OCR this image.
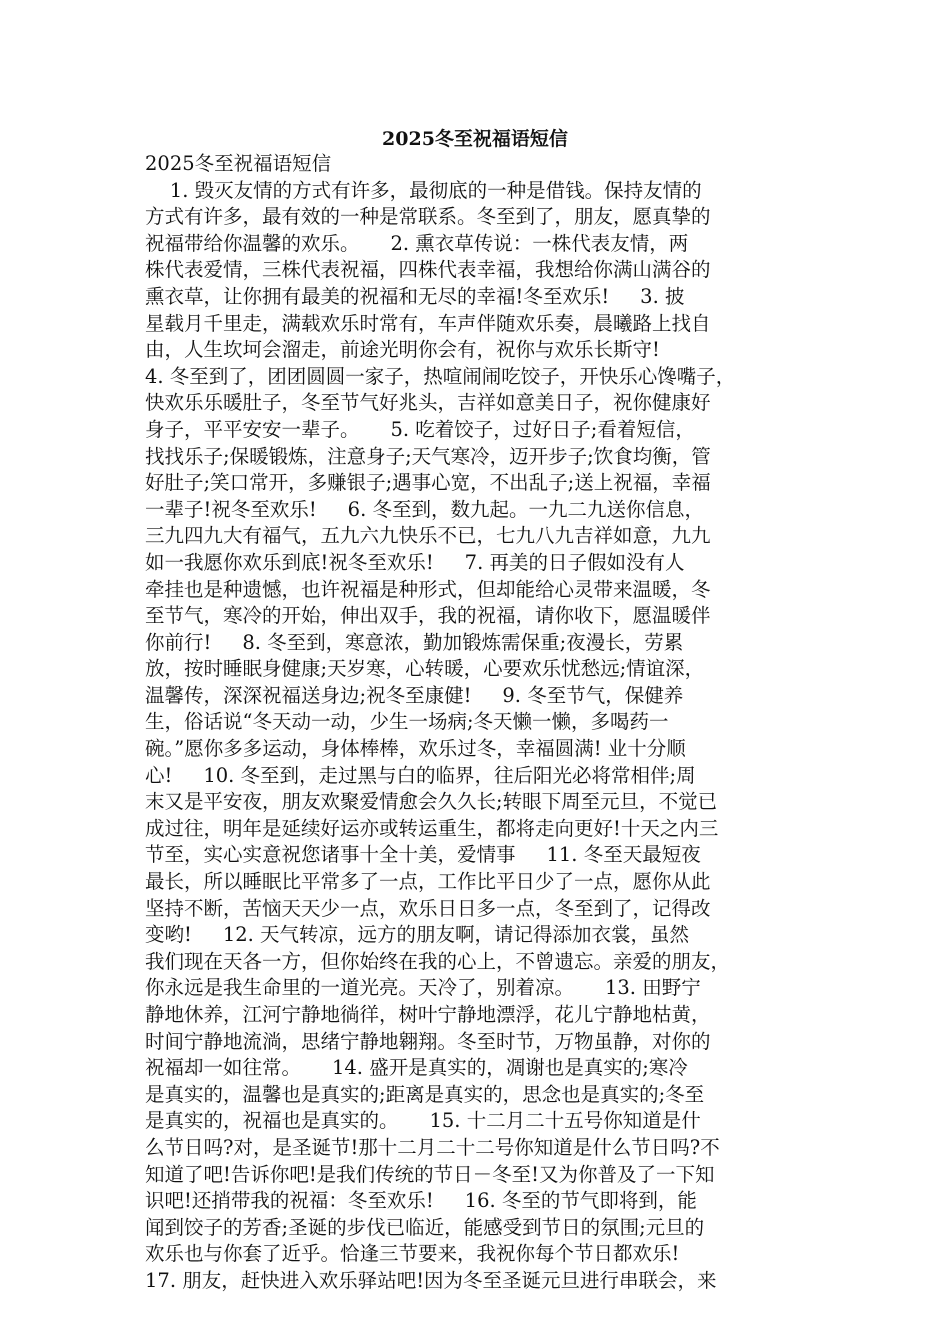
2025冬至祝福语短信
2025冬至祝福语短信
1. 毁灭友情的方式有许多，最彻底的一种是借钱。保持友情的
方式有许多，最有效的一种是常联系。冬至到了，朋友，愿真挚的
祝福带给你温馨的欢乐。     2. 熏衣草传说：一株代表友情，两
株代表爱情，三株代表祝福，四株代表幸福，我想给你满山满谷的
熏衣草，让你拥有最美的祝福和无尽的幸福!冬至欢乐!     3. 披
星载月千里走，满载欢乐时常有，车声伴随欢乐奏，晨曦路上找自
由，人生坎坷会溜走，前途光明你会有，祝你与欢乐长斯守!
4. 冬至到了，团团圆圆一家子，热喧闹闹吃饺子，开快乐心馋嘴子，
快欢乐乐暖肚子，冬至节气好兆头，吉祥如意美日子，祝你健康好
身子，平平安安一辈子。     5. 吃着饺子，过好日子;看着短信，
找找乐子;保暖锻炼，注意身子;天气寒冷，迈开步子;饮食均衡，管
好肚子;笑口常开，多赚银子;遇事心宽，不出乱子;送上祝福，幸福
一辈子!祝冬至欢乐!     6. 冬至到，数九起。一九二九送你信息，
三九四九大有福气，五九六九快乐不已，七九八九吉祥如意，九九
如一我愿你欢乐到底!祝冬至欢乐!     7. 再美的日子假如没有人
牵挂也是种遗憾，也许祝福是种形式，但却能给心灵带来温暖，冬
至节气，寒冷的开始，伸出双手，我的祝福，请你收下，愿温暖伴
你前行!     8. 冬至到，寒意浓，勤加锻炼需保重;夜漫长，劳累
放，按时睡眠身健康;天岁寒，心转暖，心要欢乐忧愁远;情谊深，
温馨传，深深祝福送身边;祝冬至康健!     9. 冬至节气，保健养
生，俗话说“冬天动一动，少生一场病;冬天懒一懒，多喝药一
碗。”愿你多多运动，身体棒棒，欢乐过冬，幸福圆满! 业十分顺
心!     10. 冬至到，走过黑与白的临界，往后阳光必将常相伴;周
末又是平安夜，朋友欢聚爱情愈会久久长;转眼下周至元旦，不觉已
成过往，明年是延续好运亦或转运重生，都将走向更好!十天之内三
节至，实心实意祝您诸事十全十美，爱情事     11. 冬至天最短夜
最长，所以睡眠比平常多了一点，工作比平日少了一点，愿你从此
坚持不断，苦恼天天少一点，欢乐日日多一点，冬至到了，记得改
变哟!     12. 天气转凉，远方的朋友啊，请记得添加衣裳，虽然
我们现在天各一方，但你始终在我的心上，不曾遗忘。亲爱的朋友，
你永远是我生命里的一道光亮。天冷了，别着凉。     13. 田野宁
静地休养，江河宁静地徜徉，树叶宁静地漂浮，花儿宁静地枯黄，
时间宁静地流淌，思绪宁静地翱翔。冬至时节，万物虽静，对你的
祝福却一如往常。     14. 盛开是真实的，凋谢也是真实的;寒冷
是真实的，温馨也是真实的;距离是真实的，思念也是真实的;冬至
是真实的，祝福也是真实的。     15. 十二月二十五号你知道是什
么节日吗?对，是圣诞节!那十二月二十二号你知道是什么节日吗?不
知道了吧!告诉你吧!是我们传统的节日－冬至!又为你普及了一下知
识吧!还捎带我的祝福：冬至欢乐!     16. 冬至的节气即将到，能
闻到饺子的芳香;圣诞的步伐已临近，能感受到节日的氛围;元旦的
欢乐也与你套了近乎。恰逢三节要来，我祝你每个节日都欢乐!
17. 朋友，赶快进入欢乐驿站吧!因为冬至圣诞元旦进行串联会，来
